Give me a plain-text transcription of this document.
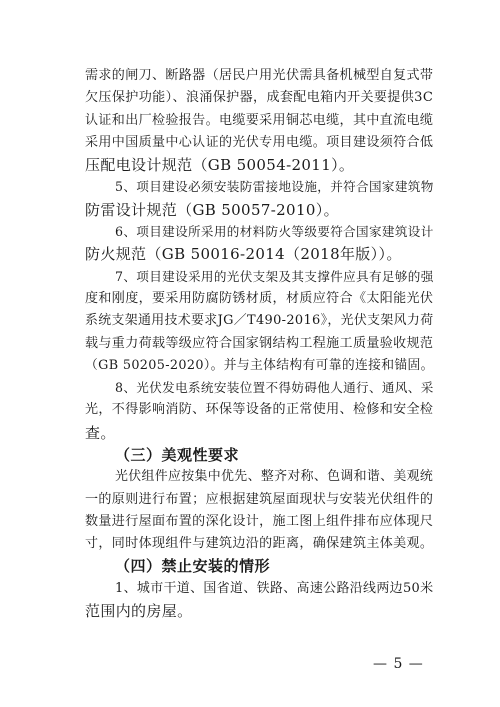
需求的闸刀、断路器（居民户用光伏需具备机械型自复式带
欠压保护功能）、浪涌保护器，成套配电箱内开关要提供3C
认证和出厂检验报告。电缆要采用铜芯电缆，其中直流电缆
采用中国质量中心认证的光伏专用电缆。项目建设须符合低
压配电设计规范（GB 50054-2011）。
5、项目建设必须安装防雷接地设施，并符合国家建筑物
防雷设计规范（GB 50057-2010）。
6、项目建设所采用的材料防火等级要符合国家建筑设计
防火规范（GB 50016-2014（2018年版））。
7、项目建设采用的光伏支架及其支撑件应具有足够的强
度和刚度，要采用防腐防锈材质，材质应符合《太阳能光伏
系统支架通用技术要求JG／T490-2016》，光伏支架风力荷
载与重力荷载等级应符合国家钢结构工程施工质量验收规范
（GB 50205-2020）。并与主体结构有可靠的连接和锚固。
8、光伏发电系统安装位置不得妨碍他人通行、通风、采
光，不得影响消防、环保等设备的正常使用、检修和安全检
查。
（三）美观性要求
光伏组件应按集中优先、整齐对称、色调和谐、美观统
一的原则进行布置；应根据建筑屋面现状与安装光伏组件的
数量进行屋面布置的深化设计，施工图上组件排布应体现尺
寸，同时体现组件与建筑边沿的距离，确保建筑主体美观。
（四）禁止安装的情形
1、城市干道、国省道、铁路、高速公路沿线两边50米
范围内的房屋。
— 5 —
